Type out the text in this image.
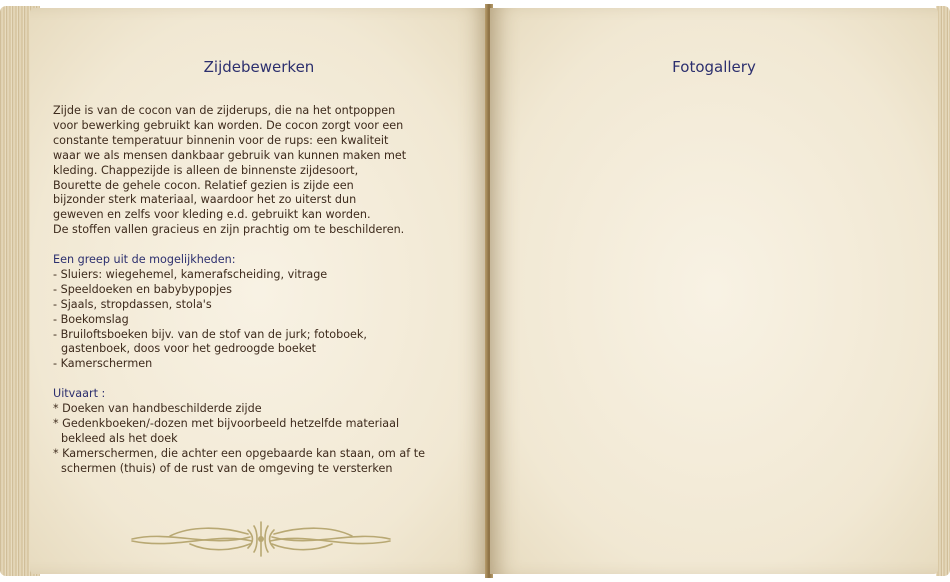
Zijdebewerken	Fotogallery

Zijde is van de cocon van de zijderups, die na het ontpoppen

voor bewerking gebruikt kan worden. De cocon zorgt voor een

constante temperatuur binnenin voor de rups: een kwaliteit

waar we als mensen dankbaar gebruik van kunnen maken met

kleding. Chappezijde is alleen de binnenste zijdesoort,

Bourette de gehele cocon. Relatief gezien is zijde een

bijzonder sterk materiaal, waardoor het zo uiterst dun

geweven en zelfs voor kleding e.d. gebruikt kan worden.

De stoffen vallen gracieus en zijn prachtig om te beschilderen.

Een greep uit de mogelijkheden:

- Sluiers: wiegehemel, kamerafscheiding, vitrage
- Speeldoeken en babybypopjes
- Sjaals, stropdassen, stola's
- Boekomslag
- Bruiloftsboeken bijv. van de stof van de jurk; fotoboek, gastenboek, doos voor het gedroogde boeket
- Kamerschermen

Uitvaart :

* Doeken van handbeschilderde zijde
* Gedenkboeken/-dozen met bijvoorbeeld hetzelfde materiaal bekleed als het doek
* Kamerschermen, die achter een opgebaarde kan staan, om af te schermen (thuis) of de rust van de omgeving te versterken
